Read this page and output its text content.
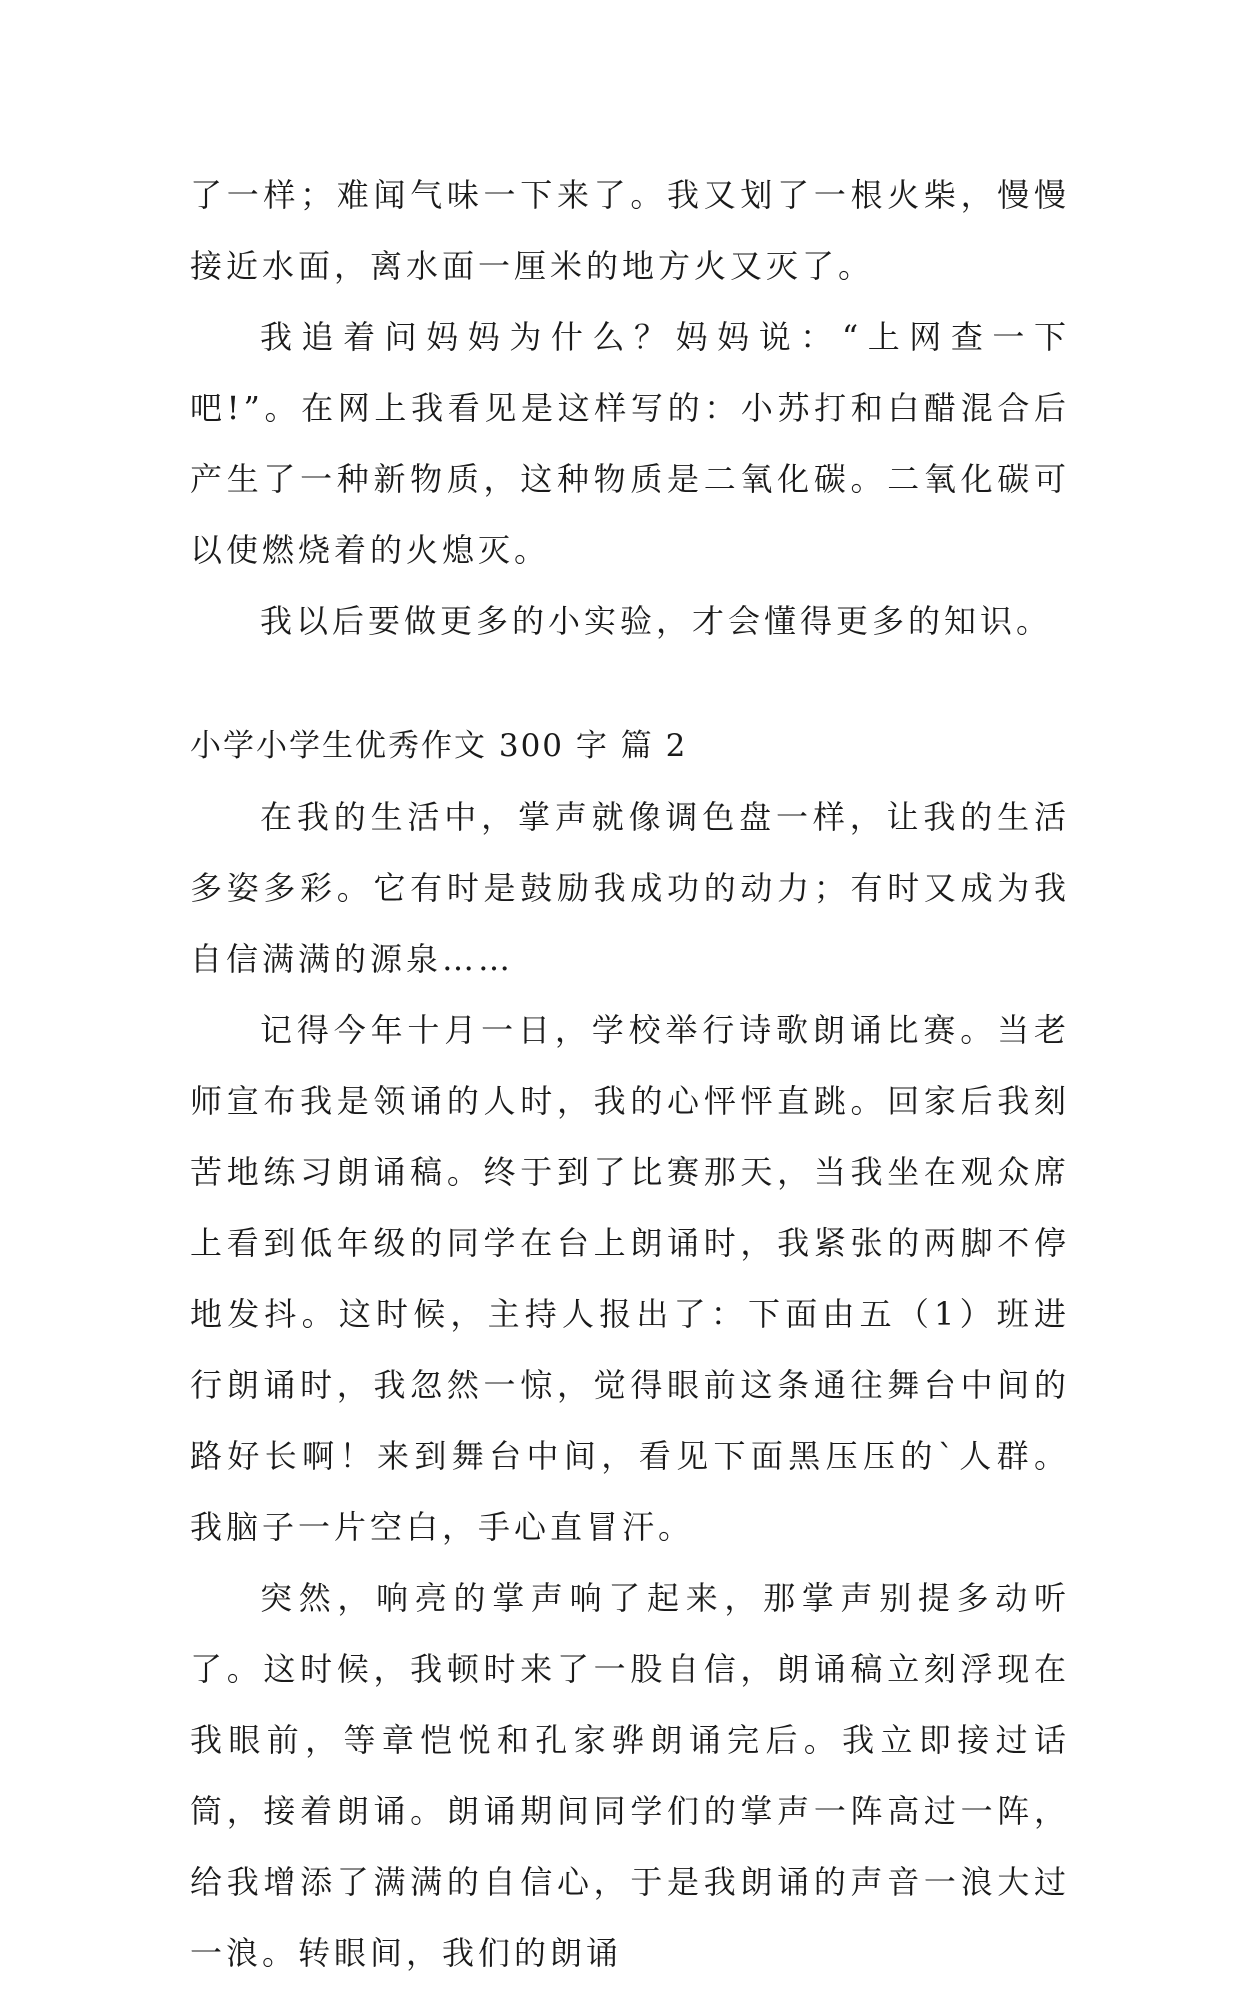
了一样；难闻气味一下来了。我又划了一根火柴，慢慢接近水面，离水面一厘米的地方火又灭了。

我追着问妈妈为什么？妈妈说：“上网查一下吧!”。在网上我看见是这样写的：小苏打和白醋混合后产生了一种新物质，这种物质是二氧化碳。二氧化碳可以使燃烧着的火熄灭。

我以后要做更多的小实验，才会懂得更多的知识。

小学小学生优秀作文 300 字 篇 2

在我的生活中，掌声就像调色盘一样，让我的生活多姿多彩。它有时是鼓励我成功的动力；有时又成为我自信满满的源泉……

记得今年十月一日，学校举行诗歌朗诵比赛。当老师宣布我是领诵的人时，我的心怦怦直跳。回家后我刻苦地练习朗诵稿。终于到了比赛那天，当我坐在观众席上看到低年级的同学在台上朗诵时，我紧张的两脚不停地发抖。这时候，主持人报出了：下面由五（1）班进行朗诵时，我忽然一惊，觉得眼前这条通往舞台中间的路好长啊！来到舞台中间，看见下面黑压压的`人群。我脑子一片空白，手心直冒汗。

突然，响亮的掌声响了起来，那掌声别提多动听了。这时候，我顿时来了一股自信，朗诵稿立刻浮现在我眼前，等章恺悦和孔家骅朗诵完后。我立即接过话筒，接着朗诵。朗诵期间同学们的掌声一阵高过一阵，给我增添了满满的自信心，于是我朗诵的声音一浪大过一浪。转眼间，我们的朗诵
